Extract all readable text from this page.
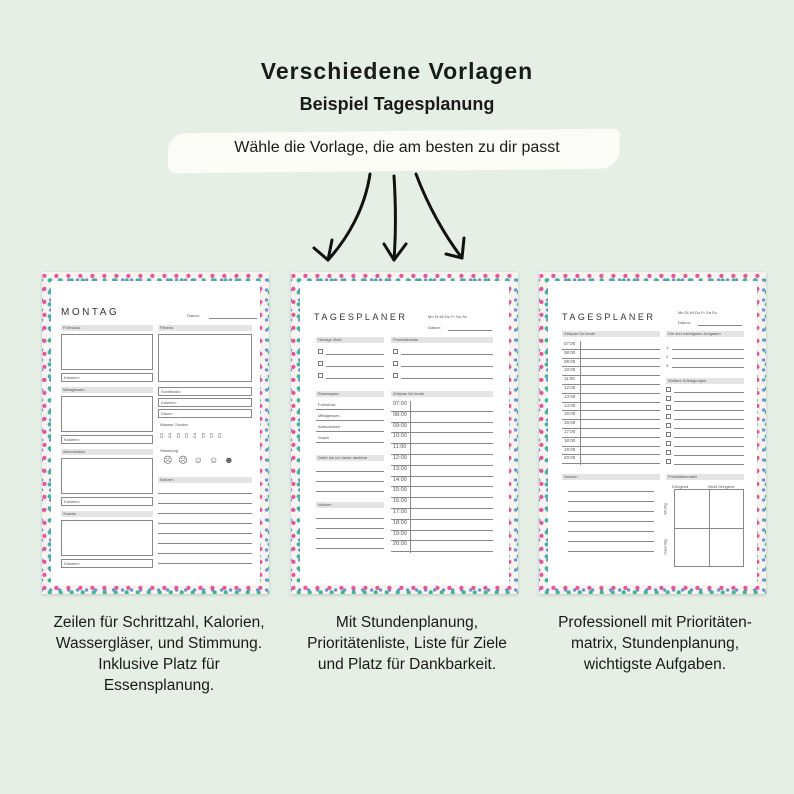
Verschiedene Vorlagen
Beispiel Tagesplanung
Wähle die Vorlage, die am besten zu dir passt
MONTAG	Datum:
Frühstück
Kalorien:
Mittagessen
Kalorien:
Abendessen
Kalorien:
Snacks
Kalorien:
Fitness
Schrittzahl:
Kalorien:
Dauer:
Wasser-Tracker
▯▯▯▯▯▯▯▯
Stimmung
☹☹☺☺☻
Notizen
TAGESPLANER	Mo Di Mi Do Fr Sa So
Datum:
Heutige Ziele	Prioritätenliste
Essensplan
Frühstück
Mittagessen
Abendessen
Snack
Dafür bin ich heute dankbar
Notizen
Zeitplan für heute
07:00
08:00
09:00
10:00
11:00
12:00
13:00
14:00
15:00
16:00
17:00
18:00
19:00
20:00
TAGESPLANER	Mo Di Mi Do Fr Sa So
Datum:
Zeitplan für heute
07:00
08:00
09:00
10:00
11:00
12:00
13:00
14:00
15:00
16:00
17:00
18:00
19:00
20:00
Die drei wichtigsten Aufgaben
1.
2.
3.
Weitere Erledigungen
Notizen	Prioritätenmatrix
Dringend	Nicht Dringend
Wichtig
Unwichtig
Zeilen für Schrittzahl, Kalorien, Wassergläser, und Stimmung. Inklusive Platz für Essensplanung.
Mit Stundenplanung, Prioritätenliste, Liste für Ziele und Platz für Dankbarkeit.
Professionell mit Prioritäten-matrix, Stundenplanung, wichtigste Aufgaben.
